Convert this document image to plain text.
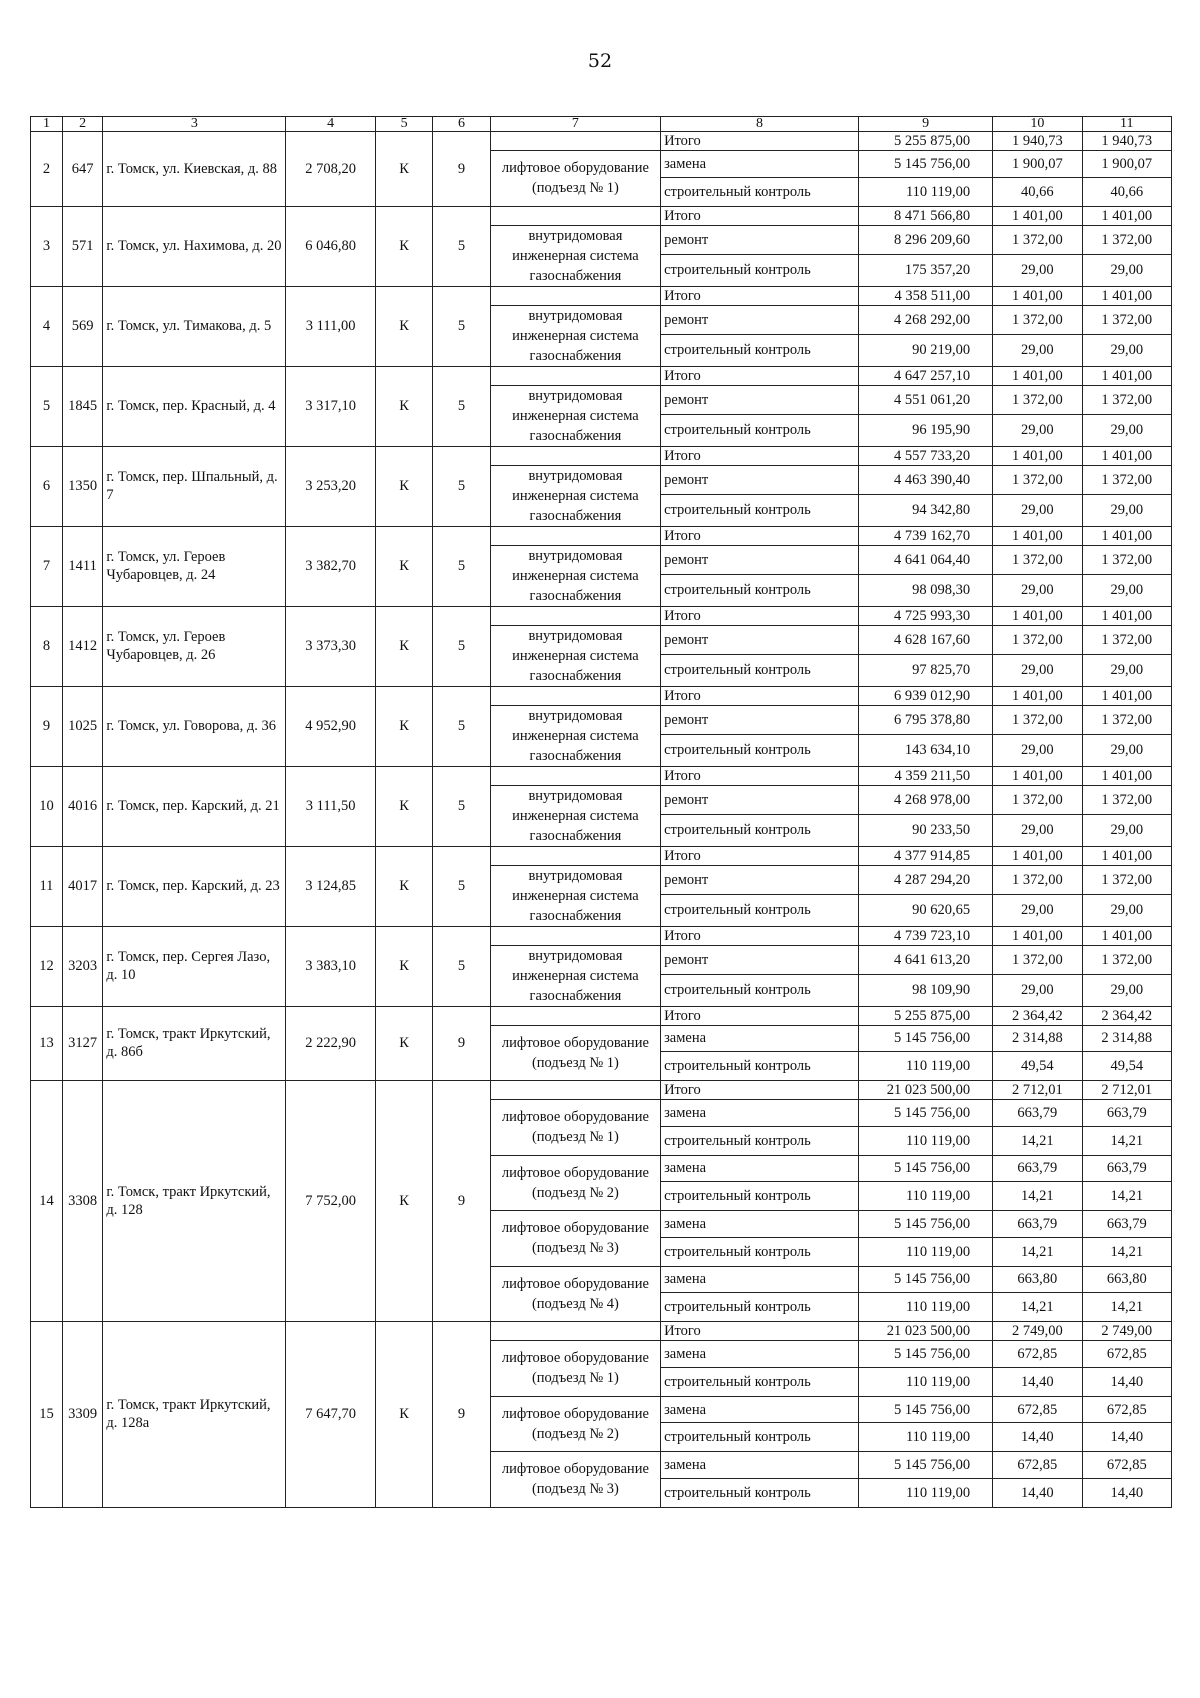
52
1	2	3	4	5	6	7	8	9	10	11
2	647	г. Томск, ул. Киевская, д. 88	2 708,20	К	9		Итого	5 255 875,00	1 940,73	1 940,73
						лифтовое оборудование (подъезд № 1)	замена	5 145 756,00	1 900,07	1 900,07
							строительный контроль	110 119,00	40,66	40,66
3	571	г. Томск, ул. Нахимова, д. 20	6 046,80	К	5		Итого	8 471 566,80	1 401,00	1 401,00
						внутридомовая инженерная система газоснабжения	ремонт	8 296 209,60	1 372,00	1 372,00
							строительный контроль	175 357,20	29,00	29,00
4	569	г. Томск, ул. Тимакова, д. 5	3 111,00	К	5		Итого	4 358 511,00	1 401,00	1 401,00
						внутридомовая инженерная система газоснабжения	ремонт	4 268 292,00	1 372,00	1 372,00
							строительный контроль	90 219,00	29,00	29,00
5	1845	г. Томск, пер. Красный, д. 4	3 317,10	К	5		Итого	4 647 257,10	1 401,00	1 401,00
						внутридомовая инженерная система газоснабжения	ремонт	4 551 061,20	1 372,00	1 372,00
							строительный контроль	96 195,90	29,00	29,00
6	1350	г. Томск, пер. Шпальный, д. 7	3 253,20	К	5		Итого	4 557 733,20	1 401,00	1 401,00
						внутридомовая инженерная система газоснабжения	ремонт	4 463 390,40	1 372,00	1 372,00
							строительный контроль	94 342,80	29,00	29,00
7	1411	г. Томск, ул. Героев Чубаровцев, д. 24	3 382,70	К	5		Итого	4 739 162,70	1 401,00	1 401,00
						внутридомовая инженерная система газоснабжения	ремонт	4 641 064,40	1 372,00	1 372,00
							строительный контроль	98 098,30	29,00	29,00
8	1412	г. Томск, ул. Героев Чубаровцев, д. 26	3 373,30	К	5		Итого	4 725 993,30	1 401,00	1 401,00
						внутридомовая инженерная система газоснабжения	ремонт	4 628 167,60	1 372,00	1 372,00
							строительный контроль	97 825,70	29,00	29,00
9	1025	г. Томск, ул. Говорова, д. 36	4 952,90	К	5		Итого	6 939 012,90	1 401,00	1 401,00
						внутридомовая инженерная система газоснабжения	ремонт	6 795 378,80	1 372,00	1 372,00
							строительный контроль	143 634,10	29,00	29,00
10	4016	г. Томск, пер. Карский, д. 21	3 111,50	К	5		Итого	4 359 211,50	1 401,00	1 401,00
						внутридомовая инженерная система газоснабжения	ремонт	4 268 978,00	1 372,00	1 372,00
							строительный контроль	90 233,50	29,00	29,00
11	4017	г. Томск, пер. Карский, д. 23	3 124,85	К	5		Итого	4 377 914,85	1 401,00	1 401,00
						внутридомовая инженерная система газоснабжения	ремонт	4 287 294,20	1 372,00	1 372,00
							строительный контроль	90 620,65	29,00	29,00
12	3203	г. Томск, пер. Сергея Лазо, д. 10	3 383,10	К	5		Итого	4 739 723,10	1 401,00	1 401,00
						внутридомовая инженерная система газоснабжения	ремонт	4 641 613,20	1 372,00	1 372,00
							строительный контроль	98 109,90	29,00	29,00
13	3127	г. Томск, тракт Иркутский, д. 86б	2 222,90	К	9		Итого	5 255 875,00	2 364,42	2 364,42
						лифтовое оборудование (подъезд № 1)	замена	5 145 756,00	2 314,88	2 314,88
							строительный контроль	110 119,00	49,54	49,54
14	3308	г. Томск, тракт Иркутский, д. 128	7 752,00	К	9		Итого	21 023 500,00	2 712,01	2 712,01
						лифтовое оборудование (подъезд № 1)	замена	5 145 756,00	663,79	663,79
							строительный контроль	110 119,00	14,21	14,21
						лифтовое оборудование (подъезд № 2)	замена	5 145 756,00	663,79	663,79
							строительный контроль	110 119,00	14,21	14,21
						лифтовое оборудование (подъезд № 3)	замена	5 145 756,00	663,79	663,79
							строительный контроль	110 119,00	14,21	14,21
						лифтовое оборудование (подъезд № 4)	замена	5 145 756,00	663,80	663,80
							строительный контроль	110 119,00	14,21	14,21
15	3309	г. Томск, тракт Иркутский, д. 128а	7 647,70	К	9		Итого	21 023 500,00	2 749,00	2 749,00
						лифтовое оборудование (подъезд № 1)	замена	5 145 756,00	672,85	672,85
							строительный контроль	110 119,00	14,40	14,40
						лифтовое оборудование (подъезд № 2)	замена	5 145 756,00	672,85	672,85
							строительный контроль	110 119,00	14,40	14,40
						лифтовое оборудование (подъезд № 3)	замена	5 145 756,00	672,85	672,85
							строительный контроль	110 119,00	14,40	14,40
